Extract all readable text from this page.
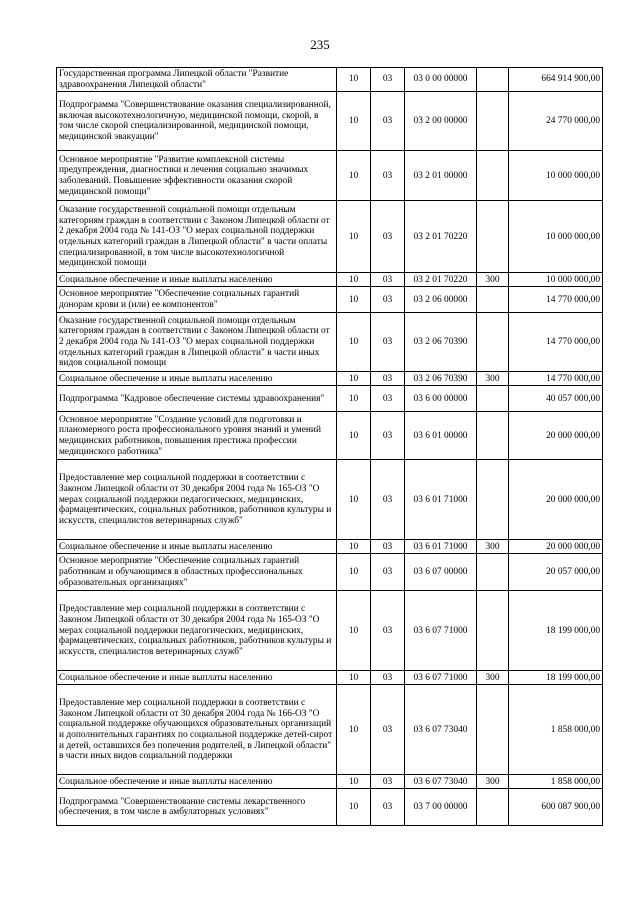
235
Государственная программа Липецкой области "Развитие здравоохранения Липецкой области"	10	03	03 0 00 00000		664 914 900,00
Подпрограмма "Совершенствование оказания специализированной, включая высокотехнологичную, медицинской помощи, скорой, в том числе скорой специализированной, медицинской помощи, медицинской эвакуации"	10	03	03 2 00 00000		24 770 000,00
Основное мероприятие "Развитие комплексной системы предупреждения, диагностики и лечения социально значимых заболеваний. Повышение эффективности оказания скорой медицинской помощи"	10	03	03 2 01 00000		10 000 000,00
Оказание государственной социальной помощи отдельным категориям граждан в соответствии с Законом Липецкой области от 2 декабря 2004 года № 141-ОЗ "О мерах социальной поддержки отдельных категорий граждан в Липецкой области" в части оплаты специализированной, в том числе высокотехнологичной медицинской помощи	10	03	03 2 01 70220		10 000 000,00
Социальное обеспечение и иные выплаты населению	10	03	03 2 01 70220	300	10 000 000,00
Основное мероприятие "Обеспечение социальных гарантий донорам крови и (или) ее компонентов"	10	03	03 2 06 00000		14 770 000,00
Оказание государственной социальной помощи отдельным категориям граждан в соответствии с Законом Липецкой области от 2 декабря 2004 года № 141-ОЗ "О мерах социальной поддержки отдельных категорий граждан в Липецкой области" в части иных видов социальной помощи	10	03	03 2 06 70390		14 770 000,00
Социальное обеспечение и иные выплаты населению	10	03	03 2 06 70390	300	14 770 000,00
Подпрограмма "Кадровое обеспечение системы здравоохранения"	10	03	03 6 00 00000		40 057 000,00
Основное мероприятие "Создание условий для подготовки и планомерного роста профессионального уровня знаний и умений медицинских работников, повышения престижа профессии медицинского работника"	10	03	03 6 01 00000		20 000 000,00
Предоставление мер социальной поддержки в соответствии с Законом Липецкой области от 30 декабря 2004 года № 165-ОЗ "О мерах социальной поддержки педагогических, медицинских, фармацевтических, социальных работников, работников культуры и искусств, специалистов ветеринарных служб"	10	03	03 6 01 71000		20 000 000,00
Социальное обеспечение и иные выплаты населению	10	03	03 6 01 71000	300	20 000 000,00
Основное мероприятие "Обеспечение социальных гарантий работникам и обучающимся в областных профессиональных образовательных организациях"	10	03	03 6 07 00000		20 057 000,00
Предоставление мер социальной поддержки в соответствии с Законом Липецкой области от 30 декабря 2004 года № 165-ОЗ "О мерах социальной поддержки педагогических, медицинских, фармацевтических, социальных работников, работников культуры и искусств, специалистов ветеринарных служб"	10	03	03 6 07 71000		18 199 000,00
Социальное обеспечение и иные выплаты населению	10	03	03 6 07 71000	300	18 199 000,00
Предоставление мер социальной поддержки в соответствии с Законом Липецкой области от 30 декабря 2004 года № 166-ОЗ "О социальной поддержке обучающихся образовательных организаций и дополнительных гарантиях по социальной поддержке детей-сирот и детей, оставшихся без попечения родителей, в Липецкой области" в части иных видов социальной поддержки	10	03	03 6 07 73040		1 858 000,00
Социальное обеспечение и иные выплаты населению	10	03	03 6 07 73040	300	1 858 000,00
Подпрограмма "Совершенствование системы лекарственного обеспечения, в том числе в амбулаторных условиях"	10	03	03 7 00 00000		600 087 900,00
